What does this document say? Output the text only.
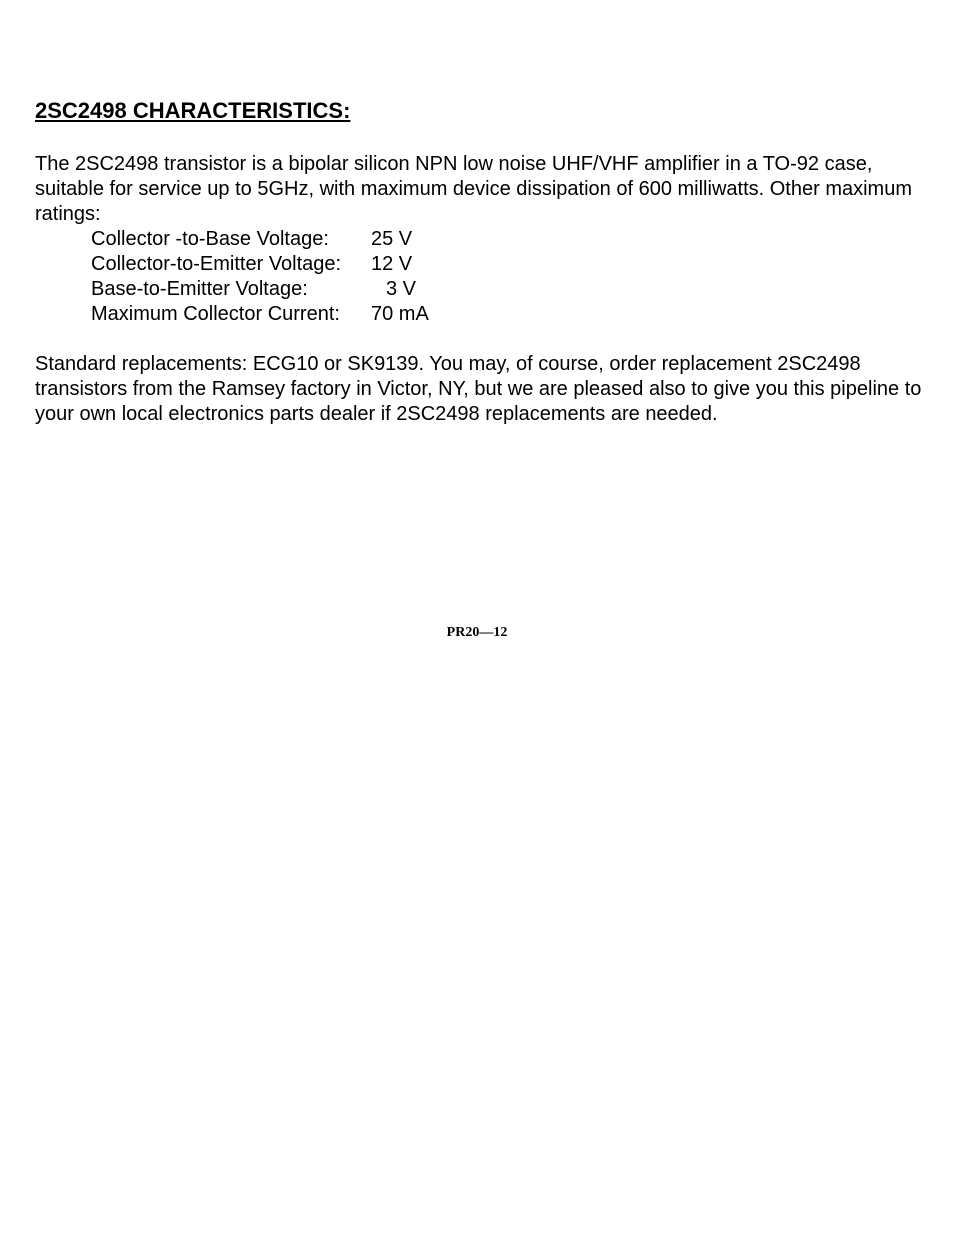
2SC2498 CHARACTERISTICS:

The 2SC2498 transistor is a bipolar silicon NPN low noise UHF/VHF amplifier in a TO-92 case, suitable for service up to 5GHz, with maximum device dissipation of 600 milliwatts. Other maximum ratings:

Collector -to-Base Voltage:	25 V
Collector-to-Emitter Voltage:	12 V
Base-to-Emitter Voltage:	3 V
Maximum Collector Current:	70 mA

Standard replacements: ECG10 or SK9139. You may, of course, order replacement 2SC2498 transistors from the Ramsey factory in Victor, NY, but we are pleased also to give you this pipeline to your own local electronics parts dealer if 2SC2498 replacements are needed.

PR20—12
